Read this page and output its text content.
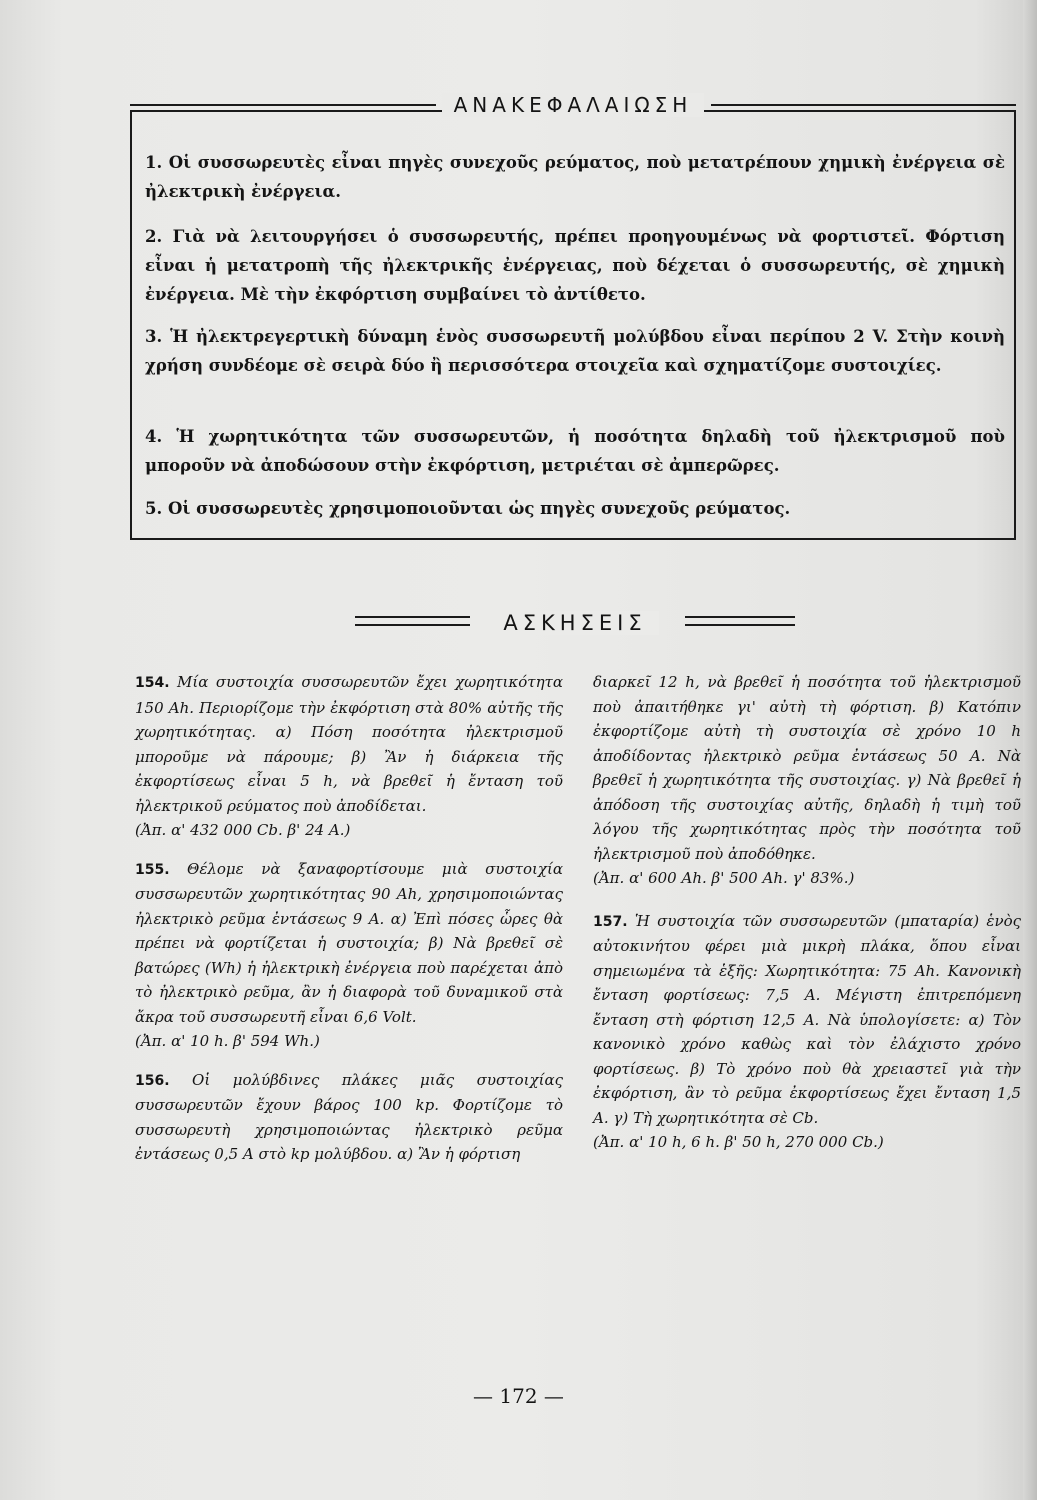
ΑΝΑΚΕΦΑΛΑΙΩΣΗ
1. Οἱ συσσωρευτὲς εἶναι πηγὲς συνεχοῦς ρεύματος, ποὺ μετατρέπουν χημικὴ ἐνέργεια σὲ ἠλεκτρικὴ ἐνέργεια.
2. Γιὰ νὰ λειτουργήσει ὁ συσσωρευτής, πρέπει προηγουμένως νὰ φορτιστεῖ. Φόρτιση εἶναι ἡ μετατροπὴ τῆς ἠλεκτρικῆς ἐνέργειας, ποὺ δέχεται ὁ συσσωρευτής, σὲ χημικὴ ἐνέργεια. Μὲ τὴν ἐκφόρτιση συμβαίνει τὸ ἀντίθετο.
3. Ἡ ἠλεκτρεγερτικὴ δύναμη ἑνὸς συσσωρευτῆ μολύβδου εἶναι περίπου 2 V. Στὴν κοινὴ χρήση συνδέομε σὲ σειρὰ δύο ἢ περισσότερα στοιχεῖα καὶ σχηματίζομε συστοιχίες.
4. Ἡ χωρητικότητα τῶν συσσωρευτῶν, ἡ ποσότητα δηλαδὴ τοῦ ἠλεκτρισμοῦ ποὺ μποροῦν νὰ ἀποδώσουν στὴν ἐκφόρτιση, μετριέται σὲ ἀμπερῶρες.
5. Οἱ συσσωρευτὲς χρησιμοποιοῦνται ὡς πηγὲς συνεχοῦς ρεύματος.
ΑΣΚΗΣΕΙΣ

154. Μία συστοιχία συσσωρευτῶν ἔχει χωρητικότητα 150 Ah. Περιορίζομε τὴν ἐκφόρτιση στὰ 80% αὐτῆς τῆς χωρητικότητας. α) Πόση ποσότητα ἠλεκτρισμοῦ μποροῦμε νὰ πάρουμε; β) Ἂν ἡ διάρκεια τῆς ἐκφορτίσεως εἶναι 5 h, νὰ βρεθεῖ ἡ ἔνταση τοῦ ἠλεκτρικοῦ ρεύματος ποὺ ἀποδίδεται.
(Ἀπ. α' 432 000 Cb. β' 24 A.)

155. Θέλομε νὰ ξαναφορτίσουμε μιὰ συστοιχία συσσωρευτῶν χωρητικότητας 90 Ah, χρησιμοποιώντας ἠλεκτρικὸ ρεῦμα ἐντάσεως 9 A. α) Ἐπὶ πόσες ὧρες θὰ πρέπει νὰ φορτίζεται ἡ συστοιχία; β) Νὰ βρεθεῖ σὲ βατώρες (Wh) ἡ ἠλεκτρικὴ ἐνέργεια ποὺ παρέχεται ἀπὸ τὸ ἠλεκτρικὸ ρεῦμα, ἂν ἡ διαφορὰ τοῦ δυναμικοῦ στὰ ἄκρα τοῦ συσσωρευτῆ εἶναι 6,6 Volt.
(Ἀπ. α' 10 h. β' 594 Wh.)

156. Οἱ μολύβδινες πλάκες μιᾶς συστοιχίας συσσωρευτῶν ἔχουν βάρος 100 kp. Φορτίζομε τὸ συσσωρευτὴ χρησιμοποιώντας ἠλεκτρικὸ ρεῦμα ἐντάσεως 0,5 A στὸ kp μολύβδου. α) Ἂν ἡ φόρτιση

διαρκεῖ 12 h, νὰ βρεθεῖ ἡ ποσότητα τοῦ ἠλεκτρισμοῦ ποὺ ἀπαιτήθηκε γι' αὐτὴ τὴ φόρτιση. β) Κατόπιν ἐκφορτίζομε αὐτὴ τὴ συστοιχία σὲ χρόνο 10 h ἀποδίδοντας ἠλεκτρικὸ ρεῦμα ἐντάσεως 50 A. Νὰ βρεθεῖ ἡ χωρητικότητα τῆς συστοιχίας. γ) Νὰ βρεθεῖ ἡ ἀπόδοση τῆς συστοιχίας αὐτῆς, δηλαδὴ ἡ τιμὴ τοῦ λόγου τῆς χωρητικότητας πρὸς τὴν ποσότητα τοῦ ἠλεκτρισμοῦ ποὺ ἀποδόθηκε.
(Ἀπ. α' 600 Ah. β' 500 Ah. γ' 83%.)

157. Ἡ συστοιχία τῶν συσσωρευτῶν (μπαταρία) ἑνὸς αὐτοκινήτου φέρει μιὰ μικρὴ πλάκα, ὅπου εἶναι σημειωμένα τὰ ἑξῆς: Χωρητικότητα: 75 Ah. Κανονικὴ ἔνταση φορτίσεως: 7,5 A. Μέγιστη ἐπιτρεπόμενη ἔνταση στὴ φόρτιση 12,5 A. Νὰ ὑπολογίσετε: α) Τὸν κανονικὸ χρόνο καθὼς καὶ τὸν ἐλάχιστο χρόνο φορτίσεως. β) Τὸ χρόνο ποὺ θὰ χρειαστεῖ γιὰ τὴν ἐκφόρτιση, ἂν τὸ ρεῦμα ἐκφορτίσεως ἔχει ἔνταση 1,5 A. γ) Τὴ χωρητικότητα σὲ Cb.
(Ἀπ. α' 10 h, 6 h. β' 50 h, 270 000 Cb.)

— 172 —
